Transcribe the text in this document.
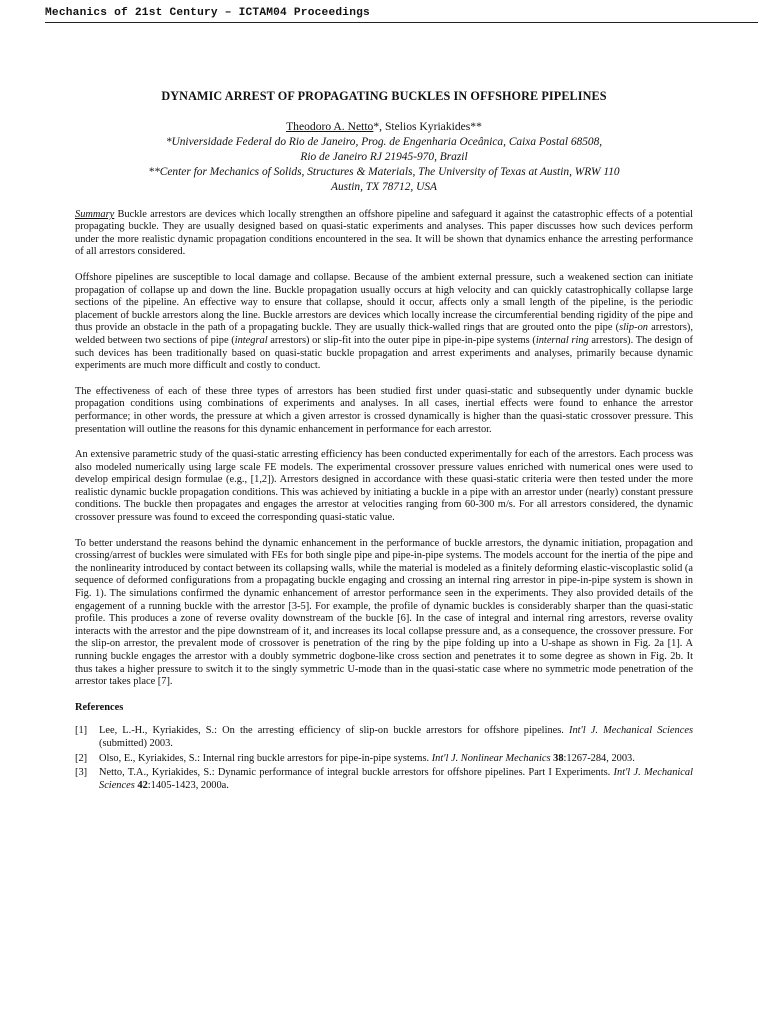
Mechanics of 21st Century – ICTAM04 Proceedings
DYNAMIC ARREST OF PROPAGATING BUCKLES IN OFFSHORE PIPELINES
Theodoro A. Netto*, Stelios Kyriakides**
*Universidade Federal do Rio de Janeiro, Prog. de Engenharia Oceânica, Caixa Postal 68508,
Rio de Janeiro RJ 21945-970, Brazil
**Center for Mechanics of Solids, Structures & Materials, The University of Texas at Austin, WRW 110
Austin, TX 78712, USA

Summary Buckle arrestors are devices which locally strengthen an offshore pipeline and safeguard it against the catastrophic effects of a potential propagating buckle. They are usually designed based on quasi-static experiments and analyses. This paper discusses how such devices perform under the more realistic dynamic propagation conditions encountered in the sea. It will be shown that dynamics enhance the arresting performance of all arrestors considered.

Offshore pipelines are susceptible to local damage and collapse. Because of the ambient external pressure, such a weakened section can initiate propagation of collapse up and down the line. Buckle propagation usually occurs at high velocity and can quickly catastrophically collapse large sections of the pipeline. An effective way to ensure that collapse, should it occur, affects only a small length of the pipeline, is the periodic placement of buckle arrestors along the line. Buckle arrestors are devices which locally increase the circumferential bending rigidity of the pipe and thus provide an obstacle in the path of a propagating buckle. They are usually thick-walled rings that are grouted onto the pipe (slip-on arrestors), welded between two sections of pipe (integral arrestors) or slip-fit into the outer pipe in pipe-in-pipe systems (internal ring arrestors). The design of such devices has been traditionally based on quasi-static buckle propagation and arrest experiments and analyses, primarily because dynamic experiments are much more difficult and costly to conduct.

The effectiveness of each of these three types of arrestors has been studied first under quasi-static and subsequently under dynamic buckle propagation conditions using combinations of experiments and analyses. In all cases, inertial effects were found to enhance the arrestor performance; in other words, the pressure at which a given arrestor is crossed dynamically is higher than the quasi-static crossover pressure. This presentation will outline the reasons for this dynamic enhancement in performance for each arrestor.

An extensive parametric study of the quasi-static arresting efficiency has been conducted experimentally for each of the arrestors. Each process was also modeled numerically using large scale FE models. The experimental crossover pressure values enriched with numerical ones were used to develop empirical design formulae (e.g., [1,2]). Arrestors designed in accordance with these quasi-static criteria were then tested under the more realistic dynamic buckle propagation conditions. This was achieved by initiating a buckle in a pipe with an arrestor under (nearly) constant pressure conditions. The buckle then propagates and engages the arrestor at velocities ranging from 60-300 m/s. For all arrestors considered, the dynamic crossover pressure was found to exceed the corresponding quasi-static value.

To better understand the reasons behind the dynamic enhancement in the performance of buckle arrestors, the dynamic initiation, propagation and crossing/arrest of buckles were simulated with FEs for both single pipe and pipe-in-pipe systems. The models account for the inertia of the pipe and the nonlinearity introduced by contact between its collapsing walls, while the material is modeled as a finitely deforming elastic-viscoplastic solid (a sequence of deformed configurations from a propagating buckle engaging and crossing an internal ring arrestor in pipe-in-pipe system is shown in Fig. 1). The simulations confirmed the dynamic enhancement of arrestor performance seen in the experiments. They also provided details of the engagement of a running buckle with the arrestor [3-5]. For example, the profile of dynamic buckles is considerably sharper than the quasi-static profile. This produces a zone of reverse ovality downstream of the buckle [6]. In the case of integral and internal ring arrestors, reverse ovality interacts with the arrestor and the pipe downstream of it, and increases its local collapse pressure and, as a consequence, the crossover pressure. For the slip-on arrestor, the prevalent mode of crossover is penetration of the ring by the pipe folding up into a U-shape as shown in Fig. 2a [1]. A running buckle engages the arrestor with a doubly symmetric dogbone-like cross section and penetrates it to some degree as shown in Fig. 2b. It thus takes a higher pressure to switch it to the singly symmetric U-mode than in the quasi-static case where no symmetric mode penetration of the arrestor takes place [7].

References
[1]	Lee, L.-H., Kyriakides, S.: On the arresting efficiency of slip-on buckle arrestors for offshore pipelines. Int'l J. Mechanical Sciences (submitted) 2003.
[2]	Olso, E., Kyriakides, S.: Internal ring buckle arrestors for pipe-in-pipe systems. Int'l J. Nonlinear Mechanics 38:1267-284, 2003.
[3]	Netto, T.A., Kyriakides, S.: Dynamic performance of integral buckle arrestors for offshore pipelines. Part I Experiments. Int'l J. Mechanical Sciences 42:1405-1423, 2000a.
